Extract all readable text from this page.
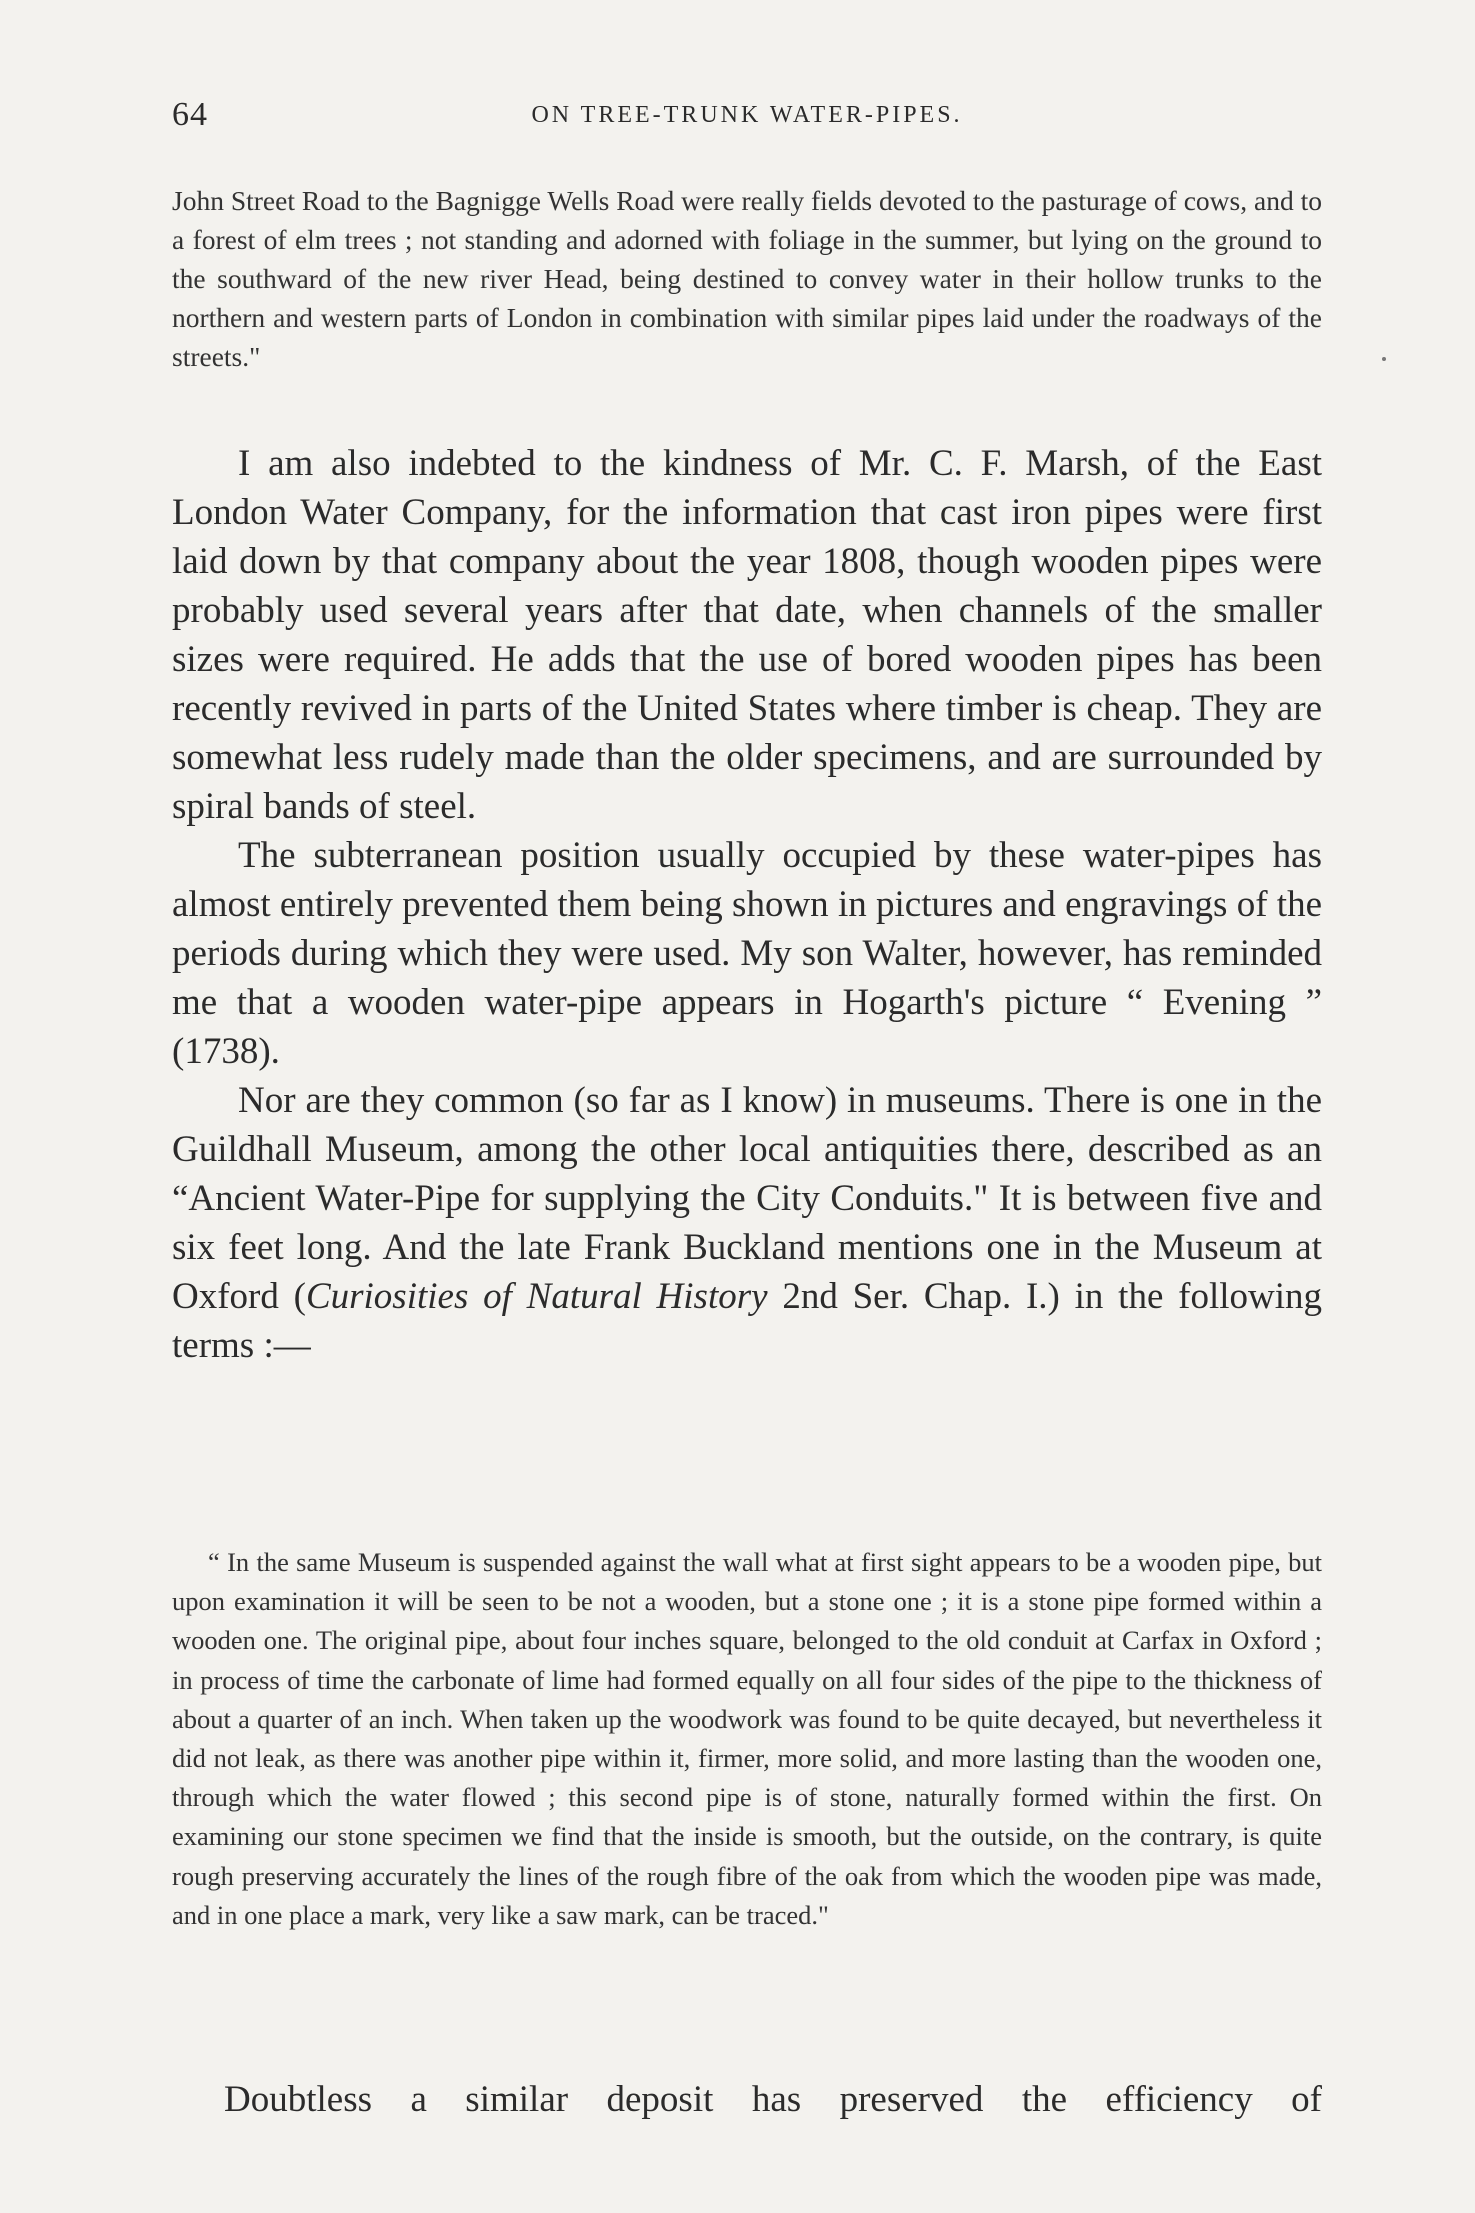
64	ON TREE-TRUNK WATER-PIPES.

John Street Road to the Bagnigge Wells Road were really fields devoted to the pasturage of cows, and to a forest of elm trees ; not standing and adorned with foliage in the summer, but lying on the ground to the southward of the new river Head, being destined to convey water in their hollow trunks to the northern and western parts of London in combination with similar pipes laid under the roadways of the streets."

I am also indebted to the kindness of Mr. C. F. Marsh, of the East London Water Company, for the information that cast iron pipes were first laid down by that company about the year 1808, though wooden pipes were probably used several years after that date, when channels of the smaller sizes were required. He adds that the use of bored wooden pipes has been recently revived in parts of the United States where timber is cheap. They are somewhat less rudely made than the older specimens, and are surrounded by spiral bands of steel.

The subterranean position usually occupied by these water-pipes has almost entirely prevented them being shown in pictures and engravings of the periods during which they were used. My son Walter, however, has reminded me that a wooden water-pipe appears in Hogarth's picture “ Evening ” (1738).

Nor are they common (so far as I know) in museums. There is one in the Guildhall Museum, among the other local antiquities there, described as an “Ancient Water-Pipe for supplying the City Conduits." It is between five and six feet long. And the late Frank Buckland mentions one in the Museum at Oxford (Curiosities of Natural History 2nd Ser. Chap. I.) in the following terms :—

“ In the same Museum is suspended against the wall what at first sight appears to be a wooden pipe, but upon examination it will be seen to be not a wooden, but a stone one ; it is a stone pipe formed within a wooden one. The original pipe, about four inches square, belonged to the old conduit at Carfax in Oxford ; in process of time the carbonate of lime had formed equally on all four sides of the pipe to the thickness of about a quarter of an inch. When taken up the woodwork was found to be quite decayed, but nevertheless it did not leak, as there was another pipe within it, firmer, more solid, and more lasting than the wooden one, through which the water flowed ; this second pipe is of stone, naturally formed within the first. On examining our stone specimen we find that the inside is smooth, but the outside, on the contrary, is quite rough preserving accurately the lines of the rough fibre of the oak from which the wooden pipe was made, and in one place a mark, very like a saw mark, can be traced."

Doubtless a similar deposit has preserved the efficiency of
